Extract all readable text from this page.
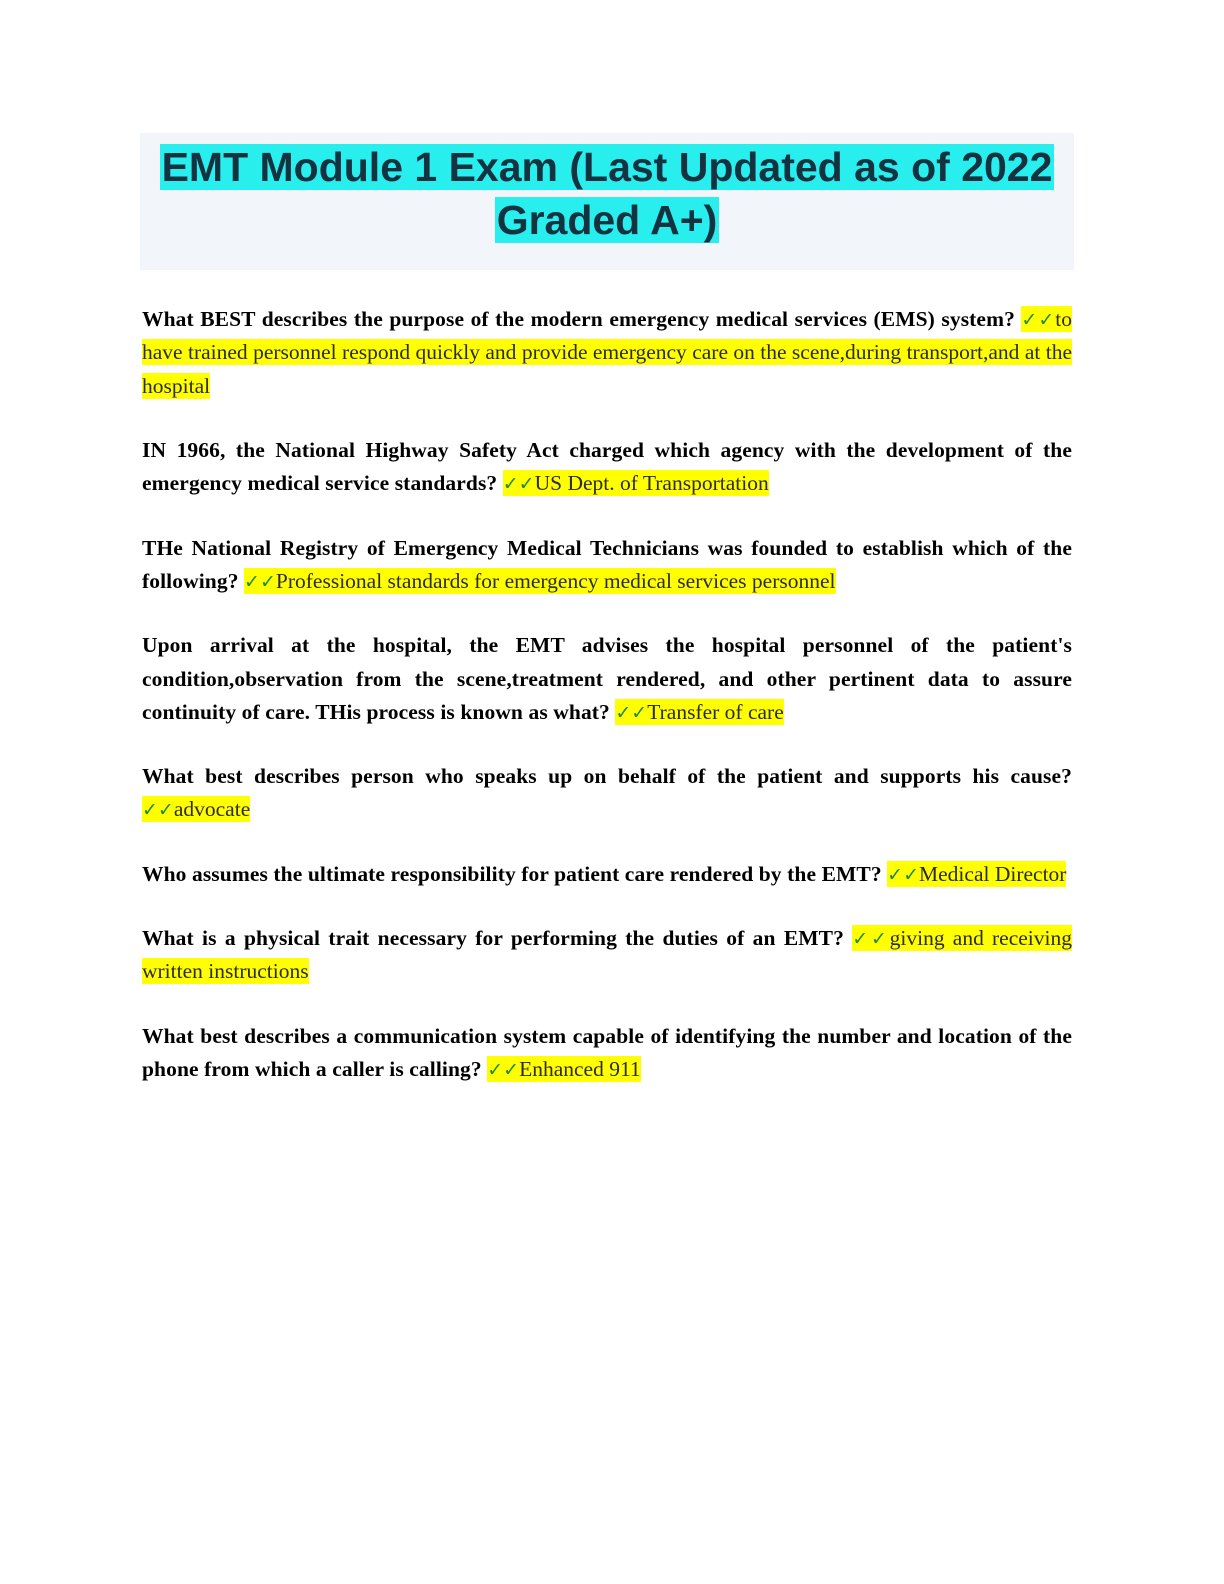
EMT Module 1 Exam (Last Updated as of 2022 Graded A+)

What BEST describes the purpose of the modern emergency medical services (EMS) system? ✓✓to have trained personnel respond quickly and provide emergency care on the scene,during transport,and at the hospital

IN 1966, the National Highway Safety Act charged which agency with the development of the emergency medical service standards? ✓✓US Dept. of Transportation

THe National Registry of Emergency Medical Technicians was founded to establish which of the following? ✓✓Professional standards for emergency medical services personnel

Upon arrival at the hospital, the EMT advises the hospital personnel of the patient's condition,observation from the scene,treatment rendered, and other pertinent data to assure continuity of care. THis process is known as what? ✓✓Transfer of care

What best describes person who speaks up on behalf of the patient and supports his cause? ✓✓advocate

Who assumes the ultimate responsibility for patient care rendered by the EMT? ✓✓Medical Director

What is a physical trait necessary for performing the duties of an EMT? ✓✓giving and receiving written instructions

What best describes a communication system capable of identifying the number and location of the phone from which a caller is calling? ✓✓Enhanced 911
